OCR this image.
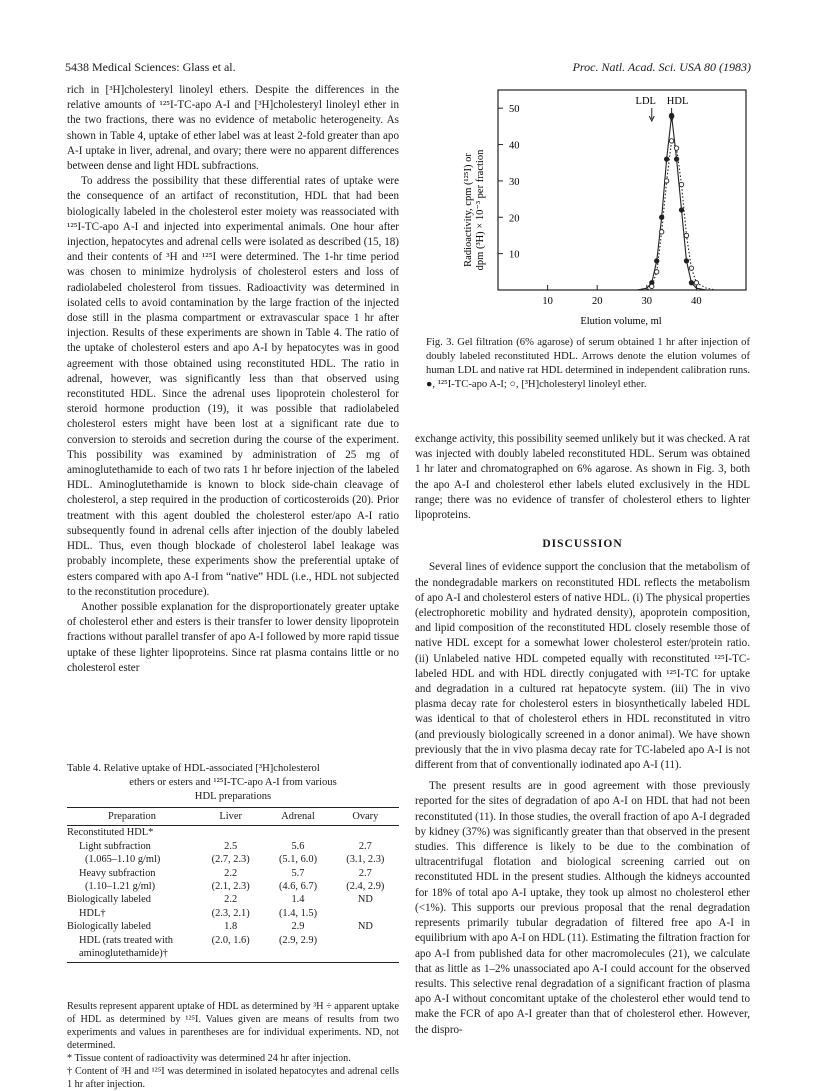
5438 Medical Sciences: Glass et al.	Proc. Natl. Acad. Sci. USA 80 (1983)

rich in [³H]cholesteryl linoleyl ethers. Despite the differences in the relative amounts of ¹²⁵I-TC-apo A-I and [³H]cholesteryl linoleyl ether in the two fractions, there was no evidence of metabolic heterogeneity. As shown in Table 4, uptake of ether label was at least 2-fold greater than apo A-I uptake in liver, adrenal, and ovary; there were no apparent differences between dense and light HDL subfractions.

To address the possibility that these differential rates of uptake were the consequence of an artifact of reconstitution, HDL that had been biologically labeled in the cholesterol ester moiety was reassociated with ¹²⁵I-TC-apo A-I and injected into experimental animals. One hour after injection, hepatocytes and adrenal cells were isolated as described (15, 18) and their contents of ³H and ¹²⁵I were determined. The 1-hr time period was chosen to minimize hydrolysis of cholesterol esters and loss of radiolabeled cholesterol from tissues. Radioactivity was determined in isolated cells to avoid contamination by the large fraction of the injected dose still in the plasma compartment or extravascular space 1 hr after injection. Results of these experiments are shown in Table 4. The ratio of the uptake of cholesterol esters and apo A-I by hepatocytes was in good agreement with those obtained using reconstituted HDL. The ratio in adrenal, however, was significantly less than that observed using reconstituted HDL. Since the adrenal uses lipoprotein cholesterol for steroid hormone production (19), it was possible that radiolabeled cholesterol esters might have been lost at a significant rate due to conversion to steroids and secretion during the course of the experiment. This possibility was examined by administration of 25 mg of aminoglutethamide to each of two rats 1 hr before injection of the labeled HDL. Aminoglutethamide is known to block side-chain cleavage of cholesterol, a step required in the production of corticosteroids (20). Prior treatment with this agent doubled the cholesterol ester/apo A-I ratio subsequently found in adrenal cells after injection of the doubly labeled HDL. Thus, even though blockade of cholesterol label leakage was probably incomplete, these experiments show the preferential uptake of esters compared with apo A-I from “native” HDL (i.e., HDL not subjected to the reconstitution procedure).

Another possible explanation for the disproportionately greater uptake of cholesterol ether and esters is their transfer to lower density lipoprotein fractions without parallel transfer of apo A-I followed by more rapid tissue uptake of these lighter lipoproteins. Since rat plasma contains little or no cholesterol ester

Table 4. Relative uptake of HDL-associated [³H]cholesterol

ethers or esters and ¹²⁵I-TC-apo A-I from various
HDL preparations
Preparation	Liver	Adrenal	Ovary
Reconstituted HDL*			
Light subfraction	2.5	5.6	2.7
(1.065–1.10 g/ml)	(2.7, 2.3)	(5.1, 6.0)	(3.1, 2.3)
Heavy subfraction	2.2	5.7	2.7
(1.10–1.21 g/ml)	(2.1, 2.3)	(4.6, 6.7)	(2.4, 2.9)
Biologically labeled	2.2	1.4	ND
HDL†	(2.3, 2.1)	(1.4, 1.5)	
Biologically labeled	1.8	2.9	ND
HDL (rats treated with	(2.0, 1.6)	(2.9, 2.9)	
aminoglutethamide)†			

Results represent apparent uptake of HDL as determined by ³H ÷ apparent uptake of HDL as determined by ¹²⁵I. Values given are means of results from two experiments and values in parentheses are for individual experiments. ND, not determined.

* Tissue content of radioactivity was determined 24 hr after injection.

† Content of ³H and ¹²⁵I was determined in isolated hepatocytes and adrenal cells 1 hr after injection.

Radioactivity, cpm (¹²⁵I) or dpm (³H) × 10⁻³ per fraction
Elution volume, ml
10	20	30	40
10
20
30
40
50
LDL HDL
Fig. 3. Gel filtration (6% agarose) of serum obtained 1 hr after injection of doubly labeled reconstituted HDL. Arrows denote the elution volumes of human LDL and native rat HDL determined in independent calibration runs. ●, ¹²⁵I-TC-apo A-I; ○, [³H]cholesteryl linoleyl ether.

exchange activity, this possibility seemed unlikely but it was checked. A rat was injected with doubly labeled reconstituted HDL. Serum was obtained 1 hr later and chromatographed on 6% agarose. As shown in Fig. 3, both the apo A-I and cholesterol ether labels eluted exclusively in the HDL range; there was no evidence of transfer of cholesterol ethers to lighter lipoproteins.

DISCUSSION

Several lines of evidence support the conclusion that the metabolism of the nondegradable markers on reconstituted HDL reflects the metabolism of apo A-I and cholesterol esters of native HDL. (i) The physical properties (electrophoretic mobility and hydrated density), apoprotein composition, and lipid composition of the reconstituted HDL closely resemble those of native HDL except for a somewhat lower cholesterol ester/protein ratio. (ii) Unlabeled native HDL competed equally with reconstituted ¹²⁵I-TC-labeled HDL and with HDL directly conjugated with ¹²⁵I-TC for uptake and degradation in a cultured rat hepatocyte system. (iii) The in vivo plasma decay rate for cholesterol esters in biosynthetically labeled HDL was identical to that of cholesterol ethers in HDL reconstituted in vitro (and previously biologically screened in a donor animal). We have shown previously that the in vivo plasma decay rate for TC-labeled apo A-I is not different from that of conventionally iodinated apo A-I (11).

The present results are in good agreement with those previously reported for the sites of degradation of apo A-I on HDL that had not been reconstituted (11). In those studies, the overall fraction of apo A-I degraded by kidney (37%) was significantly greater than that observed in the present studies. This difference is likely to be due to the combination of ultracentrifugal flotation and biological screening carried out on reconstituted HDL in the present studies. Although the kidneys accounted for 18% of total apo A-I uptake, they took up almost no cholesterol ether (<1%). This supports our previous proposal that the renal degradation represents primarily tubular degradation of filtered free apo A-I in equilibrium with apo A-I on HDL (11). Estimating the filtration fraction for apo A-I from published data for other macromolecules (21), we calculate that as little as 1–2% unassociated apo A-I could account for the observed results. This selective renal degradation of a significant fraction of plasma apo A-I without concomitant uptake of the cholesterol ether would tend to make the FCR of apo A-I greater than that of cholesterol ether. However, the dispro-
